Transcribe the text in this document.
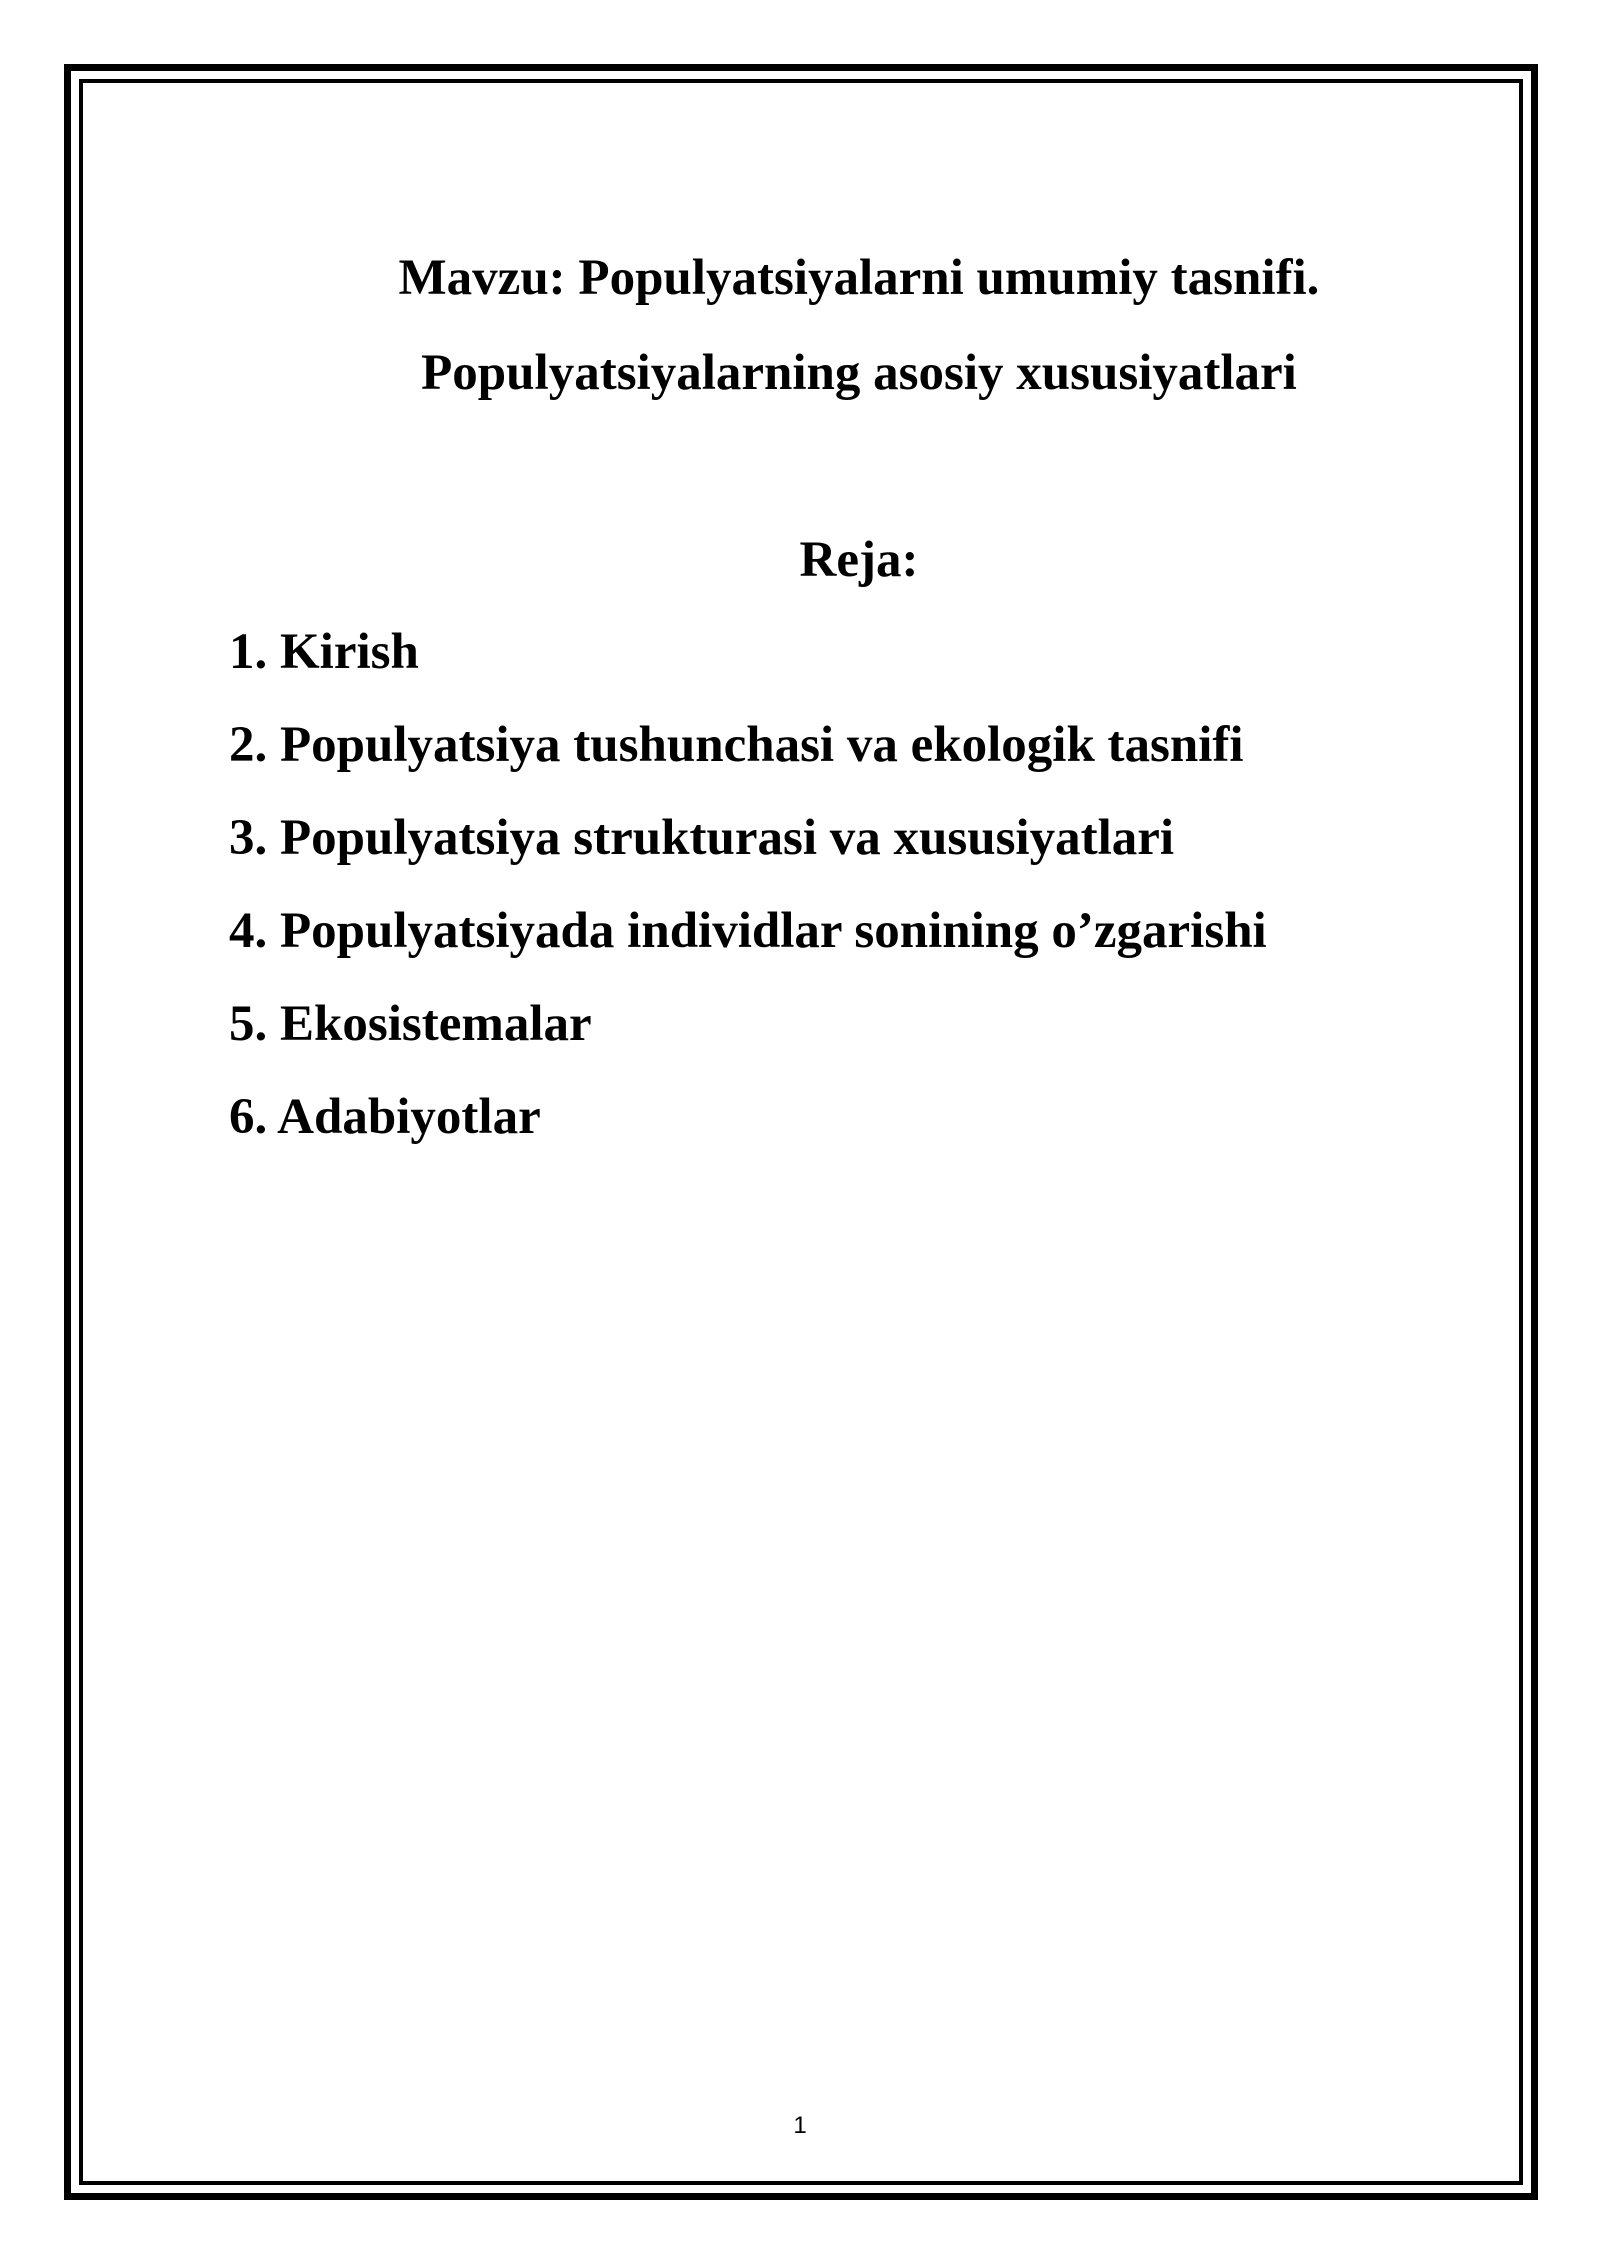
Mavzu: Populyatsiyalarni umumiy tasnifi.
Populyatsiyalarning asosiy xususiyatlari
Reja:
1. Kirish
2. Populyatsiya tushunchasi va ekologik tasnifi
3. Populyatsiya strukturasi va xususiyatlari
4. Populyatsiyada individlar sonining o’zgarishi
5. Ekosistemalar
6. Adabiyotlar

1
